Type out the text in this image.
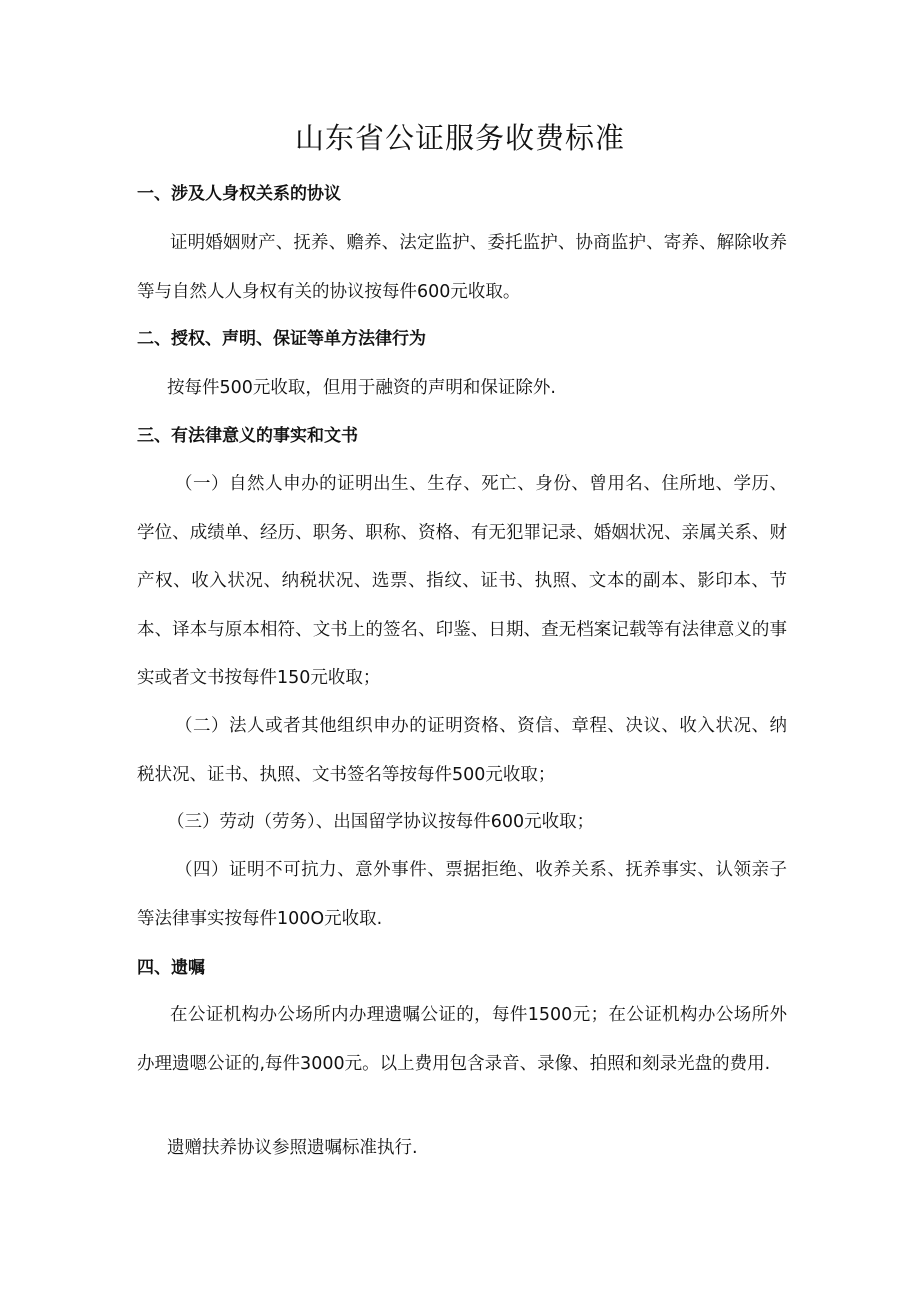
山东省公证服务收费标准

一、涉及人身权关系的协议

证明婚姻财产、抚养、赡养、法定监护、委托监护、协商监护、寄养、解除收养等与自然人人身权有关的协议按每件600元收取。

二、授权、声明、保证等单方法律行为

按每件500元收取，但用于融资的声明和保证除外.

三、有法律意义的事实和文书

（一）自然人申办的证明出生、生存、死亡、身份、曾用名、住所地、学历、学位、成绩单、经历、职务、职称、资格、有无犯罪记录、婚姻状况、亲属关系、财产权、收入状况、纳税状况、选票、指纹、证书、执照、文本的副本、影印本、节本、译本与原本相符、文书上的签名、印鉴、日期、查无档案记载等有法律意义的事实或者文书按每件150元收取；

（二）法人或者其他组织申办的证明资格、资信、章程、决议、收入状况、纳税状况、证书、执照、文书签名等按每件500元收取；

（三）劳动（劳务）、出国留学协议按每件600元收取；

（四）证明不可抗力、意外事件、票据拒绝、收养关系、抚养事实、认领亲子等法律事实按每件100O元收取.

四、遗嘱

在公证机构办公场所内办理遗嘱公证的，每件1500元；在公证机构办公场所外办理遗嗯公证的,每件3000元。以上费用包含录音、录像、拍照和刻录光盘的费用.

遗赠扶养协议参照遗嘱标准执行.
